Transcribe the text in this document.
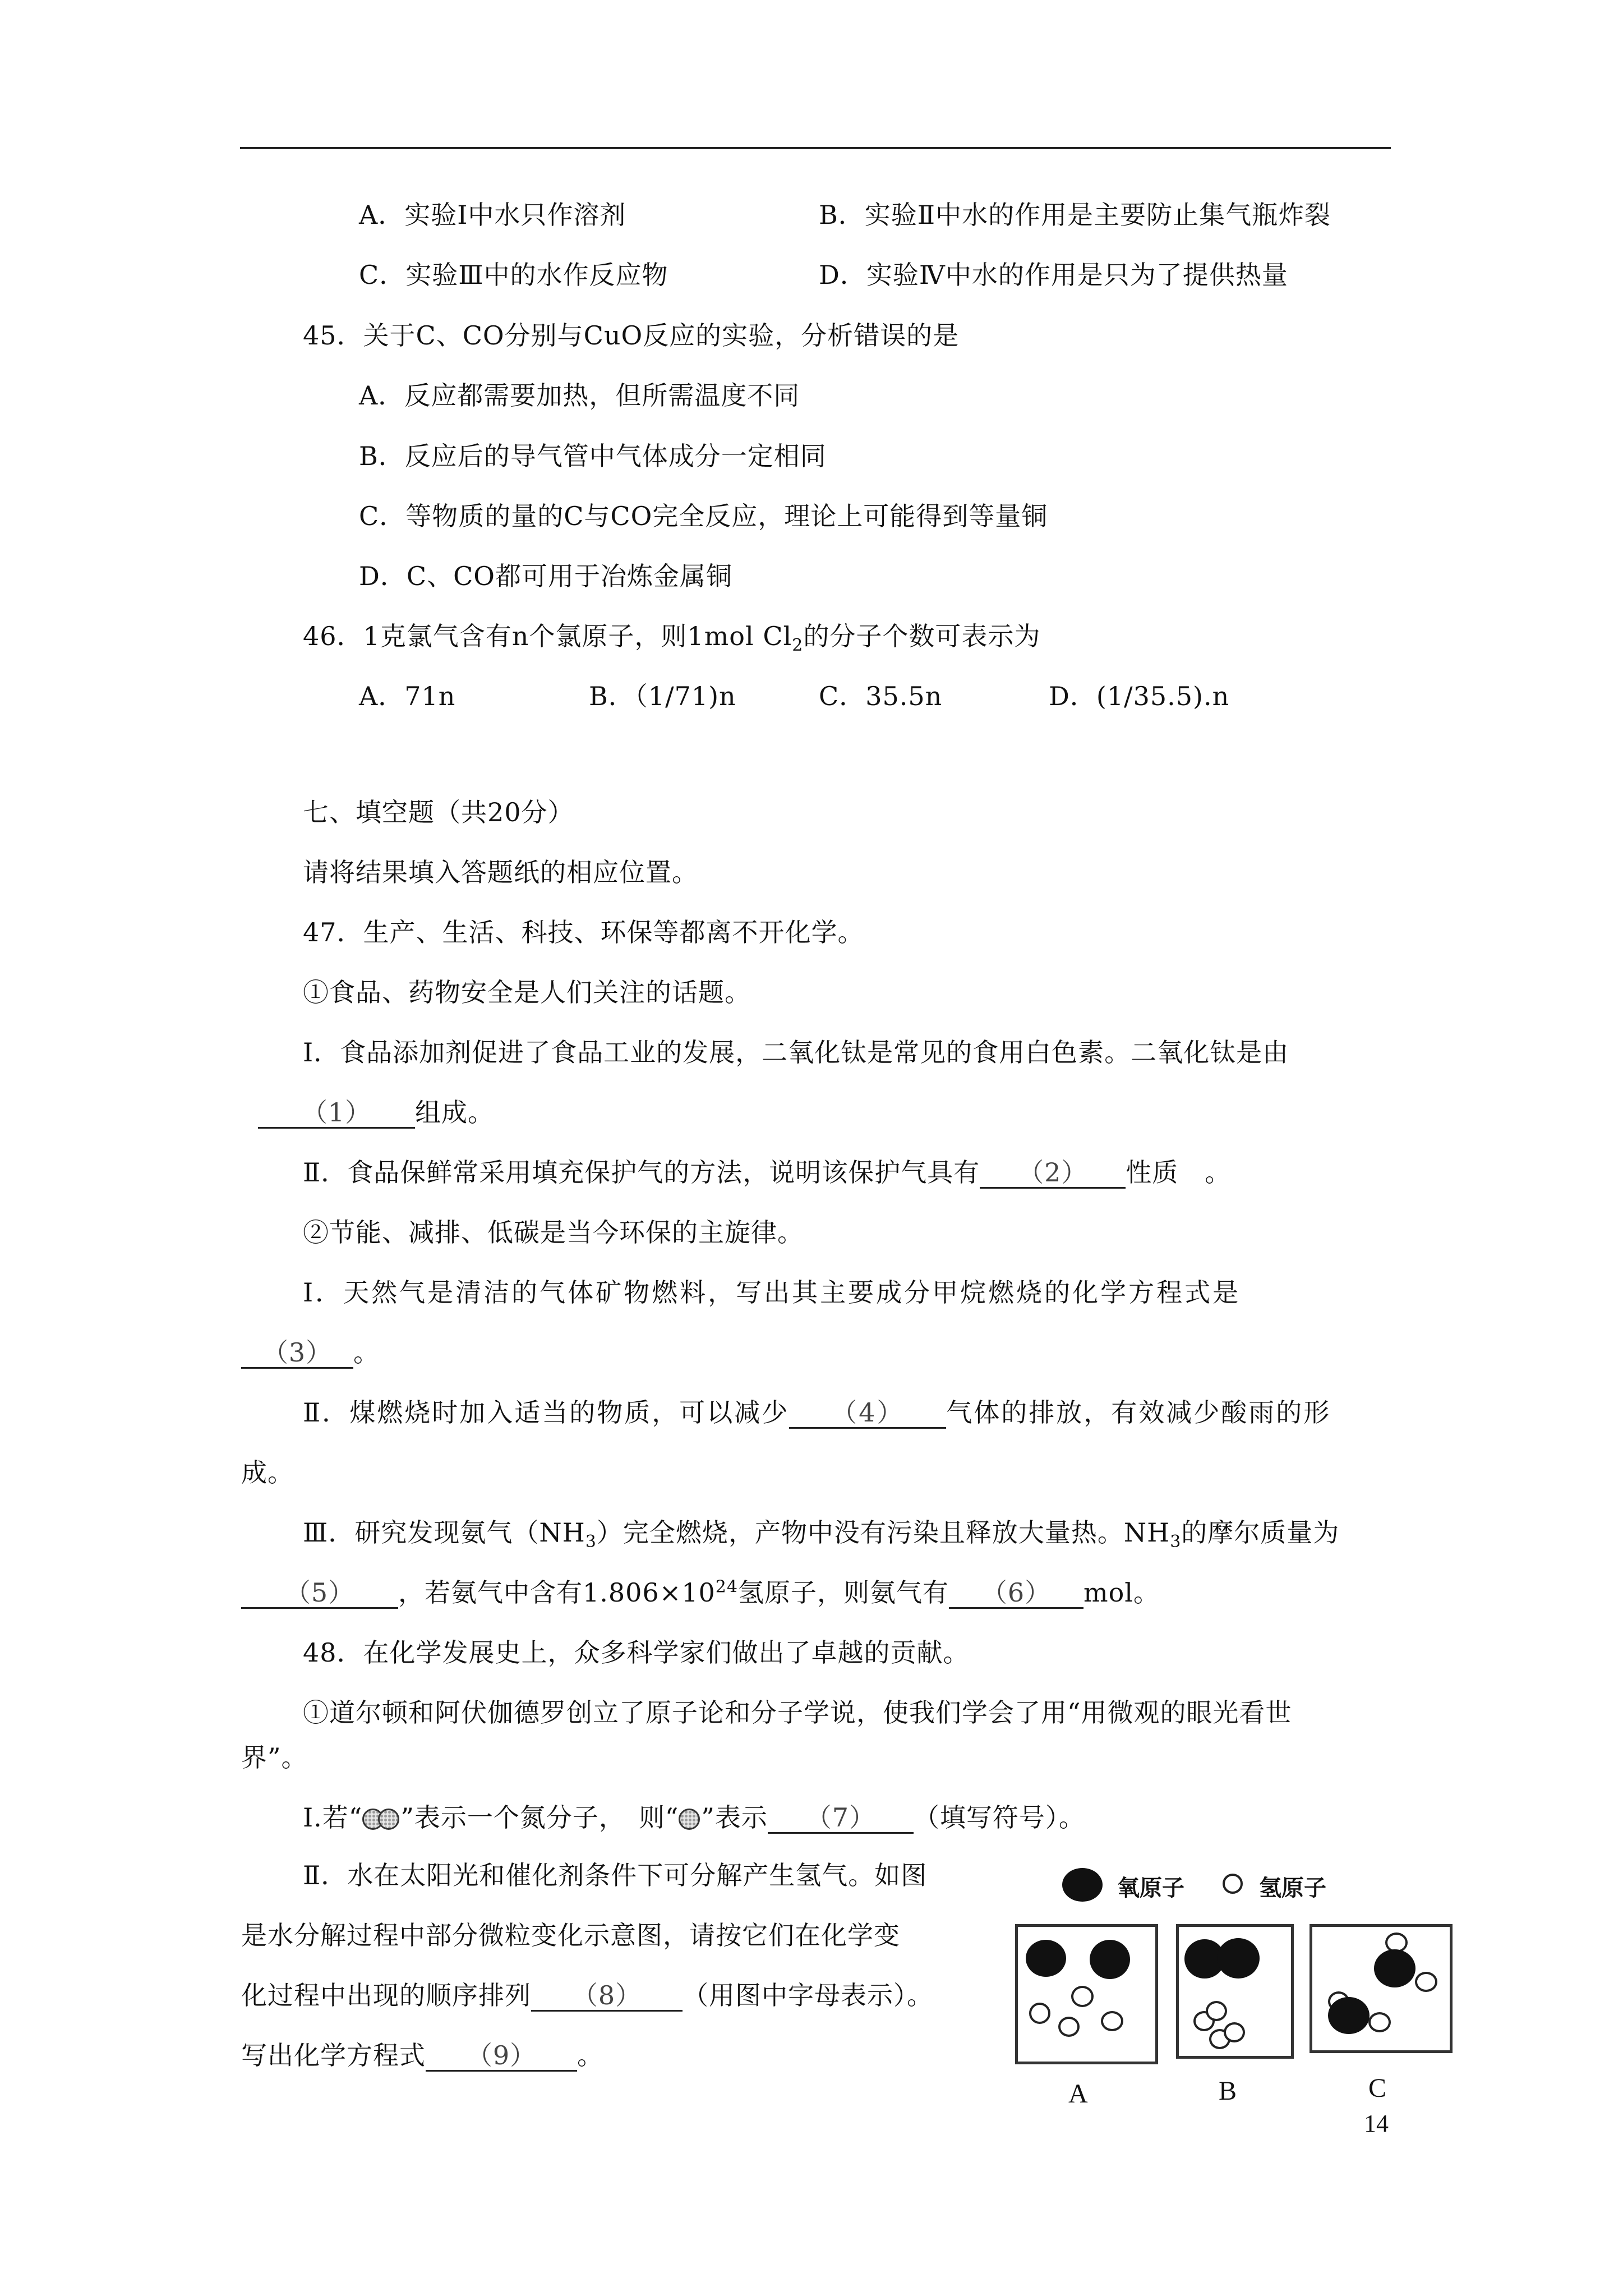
A．实验Ⅰ中水只作溶剂	B．实验Ⅱ中水的作用是主要防止集气瓶炸裂
C．实验Ⅲ中的水作反应物	D．实验Ⅳ中水的作用是只为了提供热量
45．关于C、CO分别与CuO反应的实验，分析错误的是
A．反应都需要加热，但所需温度不同
B．反应后的导气管中气体成分一定相同
C．等物质的量的C与CO完全反应，理论上可能得到等量铜
D．C、CO都可用于冶炼金属铜
46．1克氯气含有n个氯原子，则1mol $Cl_2$的分子个数可表示为
A．71n	B．（1/71)n	C．35.5n	D．(1/35.5).n
七、填空题（共20分）
请将结果填入答题纸的相应位置。
47．生产、生活、科技、环保等都离不开化学。
①食品、药物安全是人们关注的话题。
Ⅰ．食品添加剂促进了食品工业的发展，二氧化钛是常见的食用白色素。二氧化钛是由
（1） 组成。
Ⅱ．食品保鲜常采用填充保护气的方法，说明该保护气具有 （2） 性质　。
②节能、减排、低碳是当今环保的主旋律。
Ⅰ．天然气是清洁的气体矿物燃料，写出其主要成分甲烷燃烧的化学方程式是
（3） 。
Ⅱ．煤燃烧时加入适当的物质，可以减少 （4） 气体的排放，有效减少酸雨的形
成。
Ⅲ．研究发现氨气$(NH_3)$完全燃烧，产物中没有污染且释放大量热。$NH_3$的摩尔质量为
（5） ，若氨气中含有$1.806\times 10^{24}$氢原子，则氨气有 （6） mol。
48．在化学发展史上，众多科学家们做出了卓越的贡献。
①道尔顿和阿伏伽德罗创立了原子论和分子学说，使我们学会了用“用微观的眼光看世
界”。
Ⅰ.若“ ”表示一个氮分子，　则“ ”表示 （7） （填写符号）。
Ⅱ．水在太阳光和催化剂条件下可分解产生氢气。如图
是水分解过程中部分微粒变化示意图，请按它们在化学变
化过程中出现的顺序排列 （8） （用图中字母表示）。
写出化学方程式 （9） 。
氧原子	氢原子
A	B	C
14
